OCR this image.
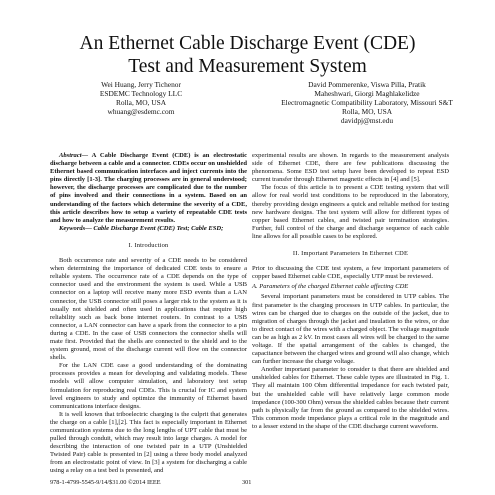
An Ethernet Cable Discharge Event (CDE)
Test and Measurement System
Wei Huang, Jerry Tichenor
ESDEMC Technology LLC
Rolla, MO, USA
whuang@esdemc.com
David Pommerenke, Viswa Pilla, Pratik
Maheshwari, Giorgi Maghlakelidze
Electromagnetic Compatibility Laboratory, Missouri S&T
Rolla, MO, USA
davidpj@mst.edu

Abstract— A Cable Discharge Event (CDE) is an electrostatic discharge between a cable and a connector. CDEs occur on unshielded Ethernet based communication interfaces and inject currents into the pins directly [1-3]. The charging processes are in general understood; however, the discharge processes are complicated due to the number of pins involved and their connections in a system. Based on an understanding of the factors which determine the severity of a CDE, this article describes how to setup a variety of repeatable CDE tests and how to analyze the measurement results.

Keywords— Cable Discharge Event (CDE) Test; Cable ESD;

I. Introduction

Both occurrence rate and severity of a CDE needs to be considered when determining the importance of dedicated CDE tests to ensure a reliable system. The occurrence rate of a CDE depends on the type of connector used and the environment the system is used. While a USB connector on a laptop will receive many more ESD events than a LAN connector, the USB connector still poses a larger risk to the system as it is usually not shielded and often used in applications that require high reliability such as back bone internet routers. In contrast to a USB connector, a LAN connector can have a spark from the connector to a pin during a CDE. In the case of USB connectors the connector shells will mate first. Provided that the shells are connected to the shield and to the system ground, most of the discharge current will flow on the connector shells.

For the LAN CDE case a good understanding of the dominating processes provides a mean for developing and validating models. These models will allow computer simulation, and laboratory test setup formulation for reproducing real CDEs. This is crucial for IC and system level engineers to study and optimize the immunity of Ethernet based communications interface designs.

It is well known that triboelectric charging is the culprit that generates the charge on a cable [1],[2]. This fact is especially important in Ethernet communication systems due to the long lengths of UPT cable that must be pulled through conduit, which may result into large charges. A model for describing the interaction of one twisted pair in a UTP (Unshielded Twisted Pair) cable is presented in [2] using a three body model analyzed from an electrostatic point of view. In [3] a system for discharging a cable using a relay on a test bed is presented, and

experimental results are shown. In regards to the measurement analysis side of Ethernet CDE, there are few publications discussing the phenomena. Some ESD test setup have been developed to repeat ESD current transfer through Ethernet magnetic effects in [4] and [5].

The focus of this article is to present a CDE testing system that will allow for real world test conditions to be reproduced in the laboratory, thereby providing design engineers a quick and reliable method for testing new hardware designs. The test system will allow for different types of copper based Ethernet cables, and twisted pair termination strategies. Further, full control of the charge and discharge sequence of each cable line allows for all possible cases to be explored.

II. Important Parameters In Ethernet CDE

Prior to discussing the CDE test system, a few important parameters of copper based Ethernet cable CDE, especially UTP must be reviewed.

A. Parameters of the charged Ethernet cable affecting CDE

Several important parameters must be considered in UTP cables. The first parameter is the charging processes in UTP cables. In particular, the wires can be charged due to charges on the outside of the jacket, due to migration of charges through the jacket and insulation to the wires, or due to direct contact of the wires with a charged object. The voltage magnitude can be as high as 2 kV. In most cases all wires will be charged to the same voltage. If the spatial arrangement of the cables is changed, the capacitance between the charged wires and ground will also change, which can further increase the charge voltage.

Another important parameter to consider is that there are shielded and unshielded cables for Ethernet. These cable types are illustrated in Fig. 1. They all maintain 100 Ohm differential impedance for each twisted pair, but the unshielded cable will have relatively large common mode impedance (100-300 Ohm) versus the shielded cables because their current path is physically far from the ground as compared to the shielded wires. This common mode impedance plays a critical role in the magnitude and to a lesser extend in the shape of the CDE discharge current waveform.

978-1-4799-5545-9/14/$31.00 ©2014 IEEE	301
